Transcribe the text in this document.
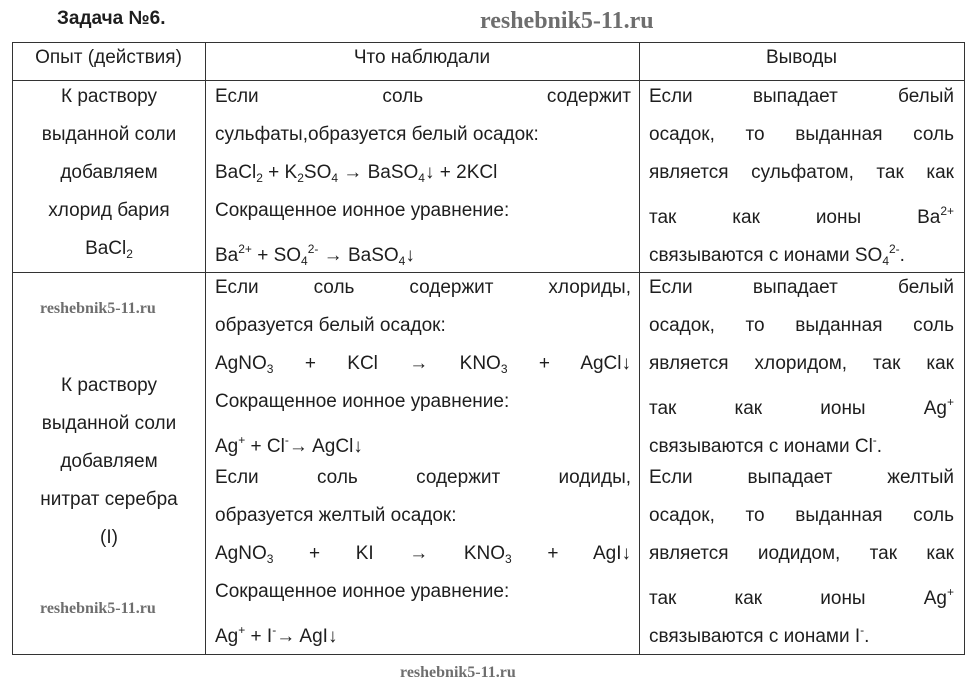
Задача №6.
Опыт (действия)	Что наблюдали	Выводы
К раствору
выданной соли
добавляем
хлорид бария
BaCl$_2$
Если соль содержит
сульфаты,образуется белый осадок:
BaCl$_2$ + $K_2SO_4$ → BaSO$_4$↓ + 2KCl
Сокращенное ионное уравнение:
$Ba^{2+} + SO_4^{2-}$ → BaSO$_4$↓
Если выпадает белый
осадок, то выданная соль
является сульфатом, так как
так как ионы $Ba^{2+}$
связываются с ионами $SO_4^{2-}$.
К раствору
выданной соли
добавляем
нитрат серебра
(I)
Если соль содержит хлориды,
образуется белый осадок:
AgNO$_3$ + KCl → $KNO_3$ + AgCl↓
Сокращенное ионное уравнение:
Ag+ + Cl-→ AgCl↓
Если соль содержит иодиды,
образуется желтый осадок:
AgNO$_3$ + KI → $KNO_3$ + AgI↓
Сокращенное ионное уравнение:
Ag+ + I-→ AgI↓
Если выпадает белый
осадок, то выданная соль
является хлоридом, так как
так как ионы Ag+
связываются с ионами Cl-.
Если выпадает желтый
осадок, то выданная соль
является иодидом, так как
так как ионы Ag+
связываются с ионами I-.
reshebnik5-11.ru
reshebnik5-11.ru
reshebnik5-11.ru
reshebnik5-11.ru
